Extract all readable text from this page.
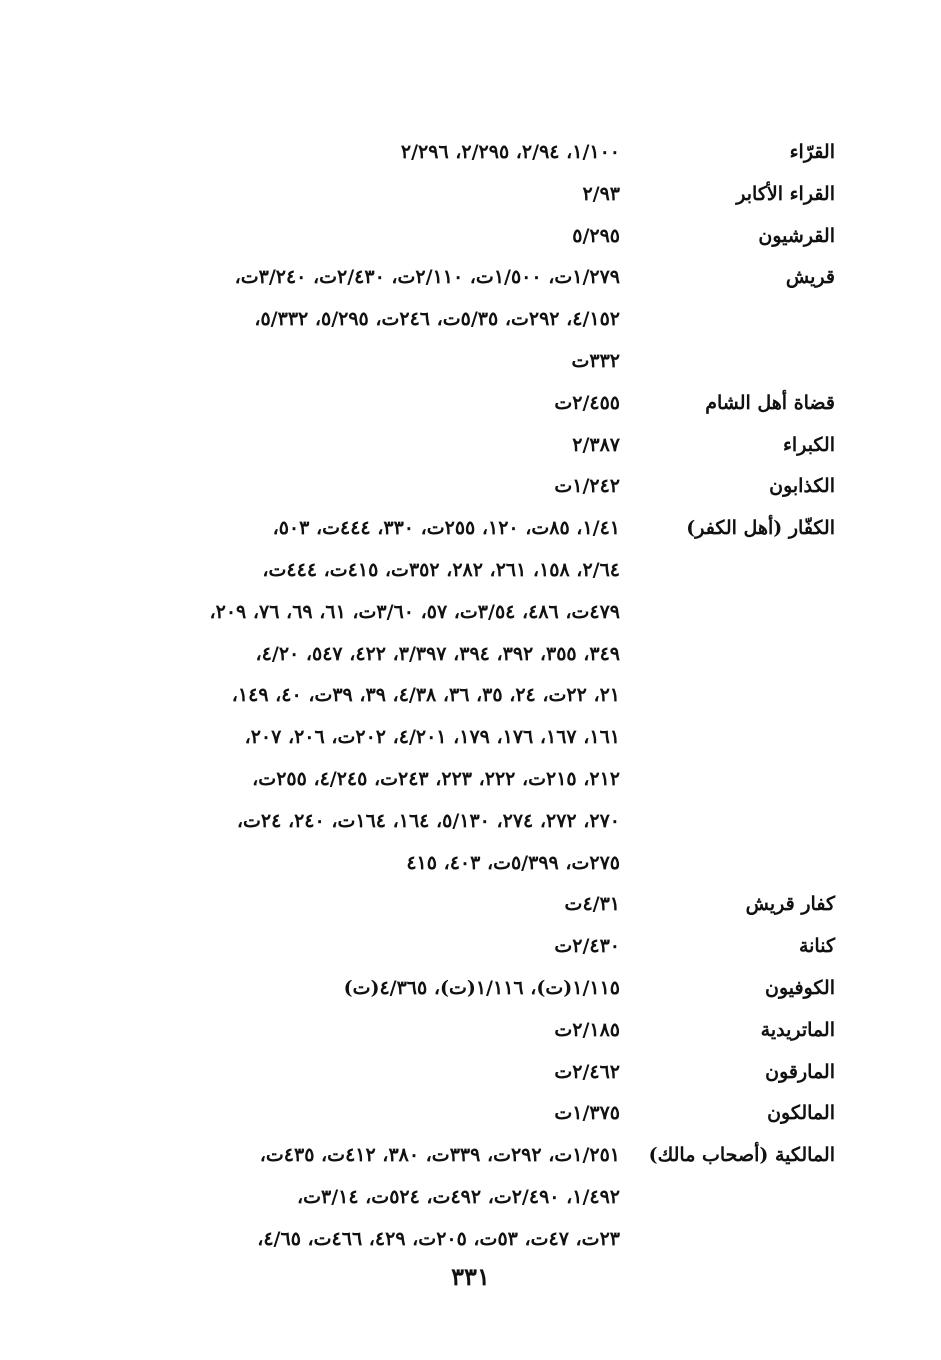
القرّاء
١/١٠٠، ٢/٩٤، ٢/٢٩٥، ٢/٢٩٦
القراء الأكابر
٢/٩٣
القرشيون
٥/٢٩٥
قريش
١/٢٧٩ت، ١/٥٠٠ت، ٢/١١٠ت، ٢/٤٣٠ت، ٣/٢٤٠ت،
٤/١٥٢، ٢٩٢ت، ٥/٣٥ت، ٢٤٦ت، ٥/٢٩٥، ٥/٣٣٢،
٣٣٢ت
قضاة أهل الشام
٢/٤٥٥ت
الكبراء
٢/٣٨٧
الكذابون
١/٢٤٢ت
الكفّار (أهل الكفر)
١/٤١، ٨٥ت، ١٢٠، ٢٥٥ت، ٣٣٠، ٤٤٤ت، ٥٠٣،
٢/٦٤، ١٥٨، ٢٦١، ٢٨٢، ٣٥٢ت، ٤١٥ت، ٤٤٤ت،
٤٧٩ت، ٤٨٦، ٣/٥٤ت، ٥٧، ٣/٦٠ت، ٦١، ٦٩، ٧٦، ٢٠٩،
٣٤٩، ٣٥٥، ٣٩٢، ٣٩٤، ٣/٣٩٧، ٤٢٢، ٥٤٧، ٤/٢٠،
٢١، ٢٢ت، ٢٤، ٣٥، ٣٦، ٤/٣٨، ٣٩، ٣٩ت، ٤٠، ١٤٩،
١٦١، ١٦٧، ١٧٦، ١٧٩، ٤/٢٠١، ٢٠٢ت، ٢٠٦، ٢٠٧،
٢١٢، ٢١٥ت، ٢٢٢، ٢٢٣، ٢٤٣ت، ٤/٢٤٥، ٢٥٥ت،
٢٧٠، ٢٧٢، ٢٧٤، ٥/١٣٠، ١٦٤، ١٦٤ت، ٢٤٠، ٢٤ت،
٢٧٥ت، ٥/٣٩٩ت، ٤٠٣، ٤١٥
كفار قريش
٤/٣١ت
كنانة
٢/٤٣٠ت
الكوفيون
١/١١٥(ت)، ١/١١٦(ت)، ٤/٣٦٥(ت)
الماتريدية
٢/١٨٥ت
المارقون
٢/٤٦٢ت
المالكون
١/٣٧٥ت
المالكية (أصحاب مالك)
١/٢٥١ت، ٢٩٢ت، ٣٣٩ت، ٣٨٠، ٤١٢ت، ٤٣٥ت،
١/٤٩٢، ٢/٤٩٠ت، ٤٩٢ت، ٥٢٤ت، ٣/١٤ت،
٢٣ت، ٤٧ت، ٥٣ت، ٢٠٥ت، ٤٢٩، ٤٦٦ت، ٤/٦٥،
٣٣١
